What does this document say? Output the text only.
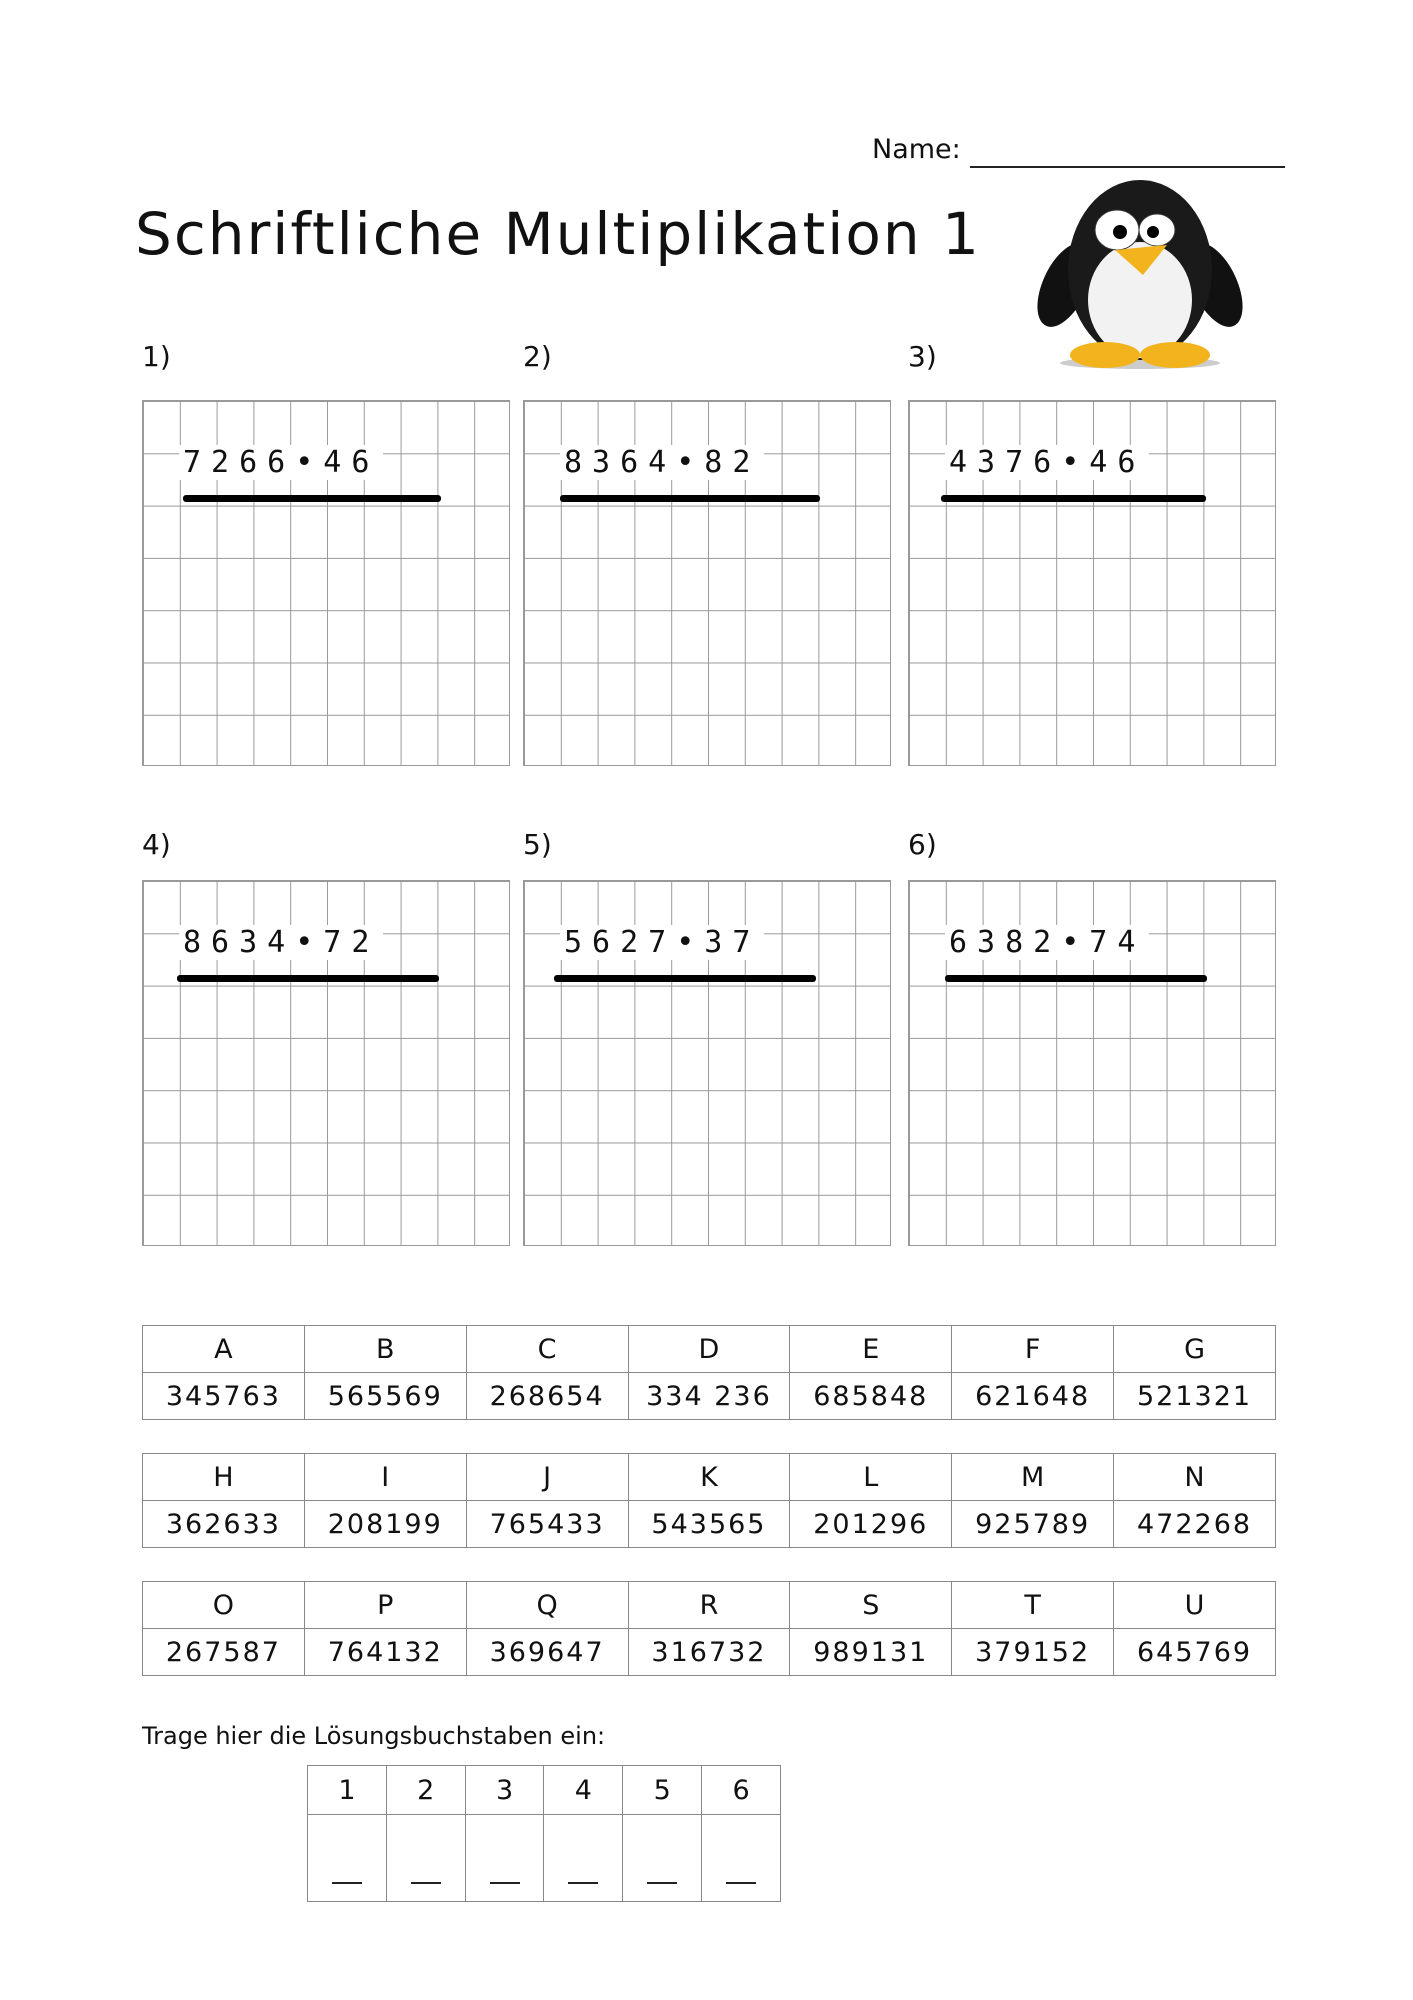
Name:
Schriftliche Multiplikation 1
1)
7266•46
2)
8364•82
3)
4376•46
4)
8634•72
5)
5627•37
6)
6382•74
A	B	C	D	E	F	G
345763	565569	268654	334 236	685848	621648	521321
H	I	J	K	L	M	N
362633	208199	765433	543565	201296	925789	472268
O	P	Q	R	S	T	U
267587	764132	369647	316732	989131	379152	645769
Trage hier die Lösungsbuchstaben ein:
1	2	3	4	5	6
